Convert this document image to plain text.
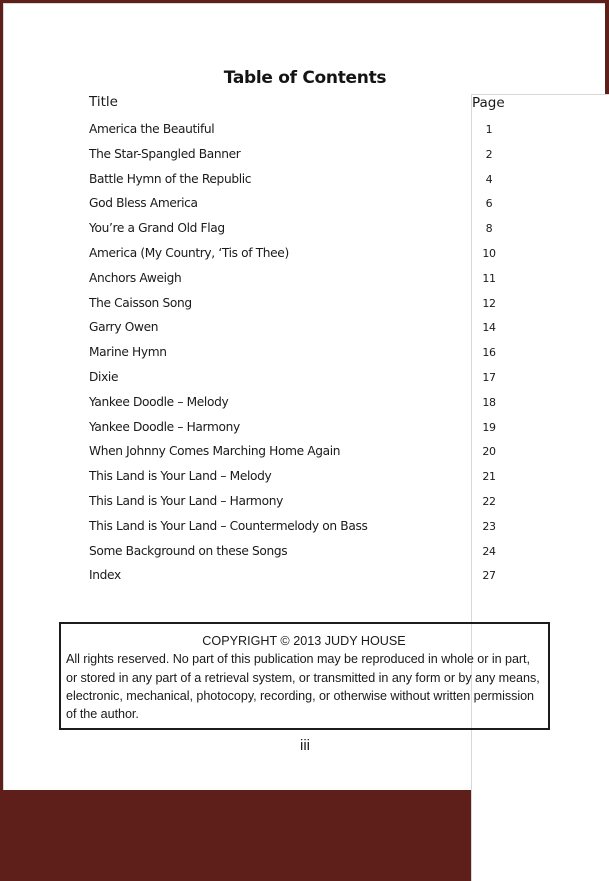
Table of Contents
Title	Page
America the Beautiful	1
The Star-Spangled Banner	2
Battle Hymn of the Republic	4
God Bless America	6
You’re a Grand Old Flag	8
America (My Country, ‘Tis of Thee)	10
Anchors Aweigh	11
The Caisson Song	12
Garry Owen	14
Marine Hymn	16
Dixie	17
Yankee Doodle – Melody	18
Yankee Doodle – Harmony	19
When Johnny Comes Marching Home Again	20
This Land is Your Land – Melody	21
This Land is Your Land – Harmony	22
This Land is Your Land – Countermelody on Bass	23
Some Background on these Songs	24
Index	27
COPYRIGHT © 2013 JUDY HOUSE
All rights reserved. No part of this publication may be reproduced in whole or in part, or stored in any part of a retrieval system, or transmitted in any form or by any means, electronic, mechanical, photocopy, recording, or otherwise without written permission of the author.
iii
